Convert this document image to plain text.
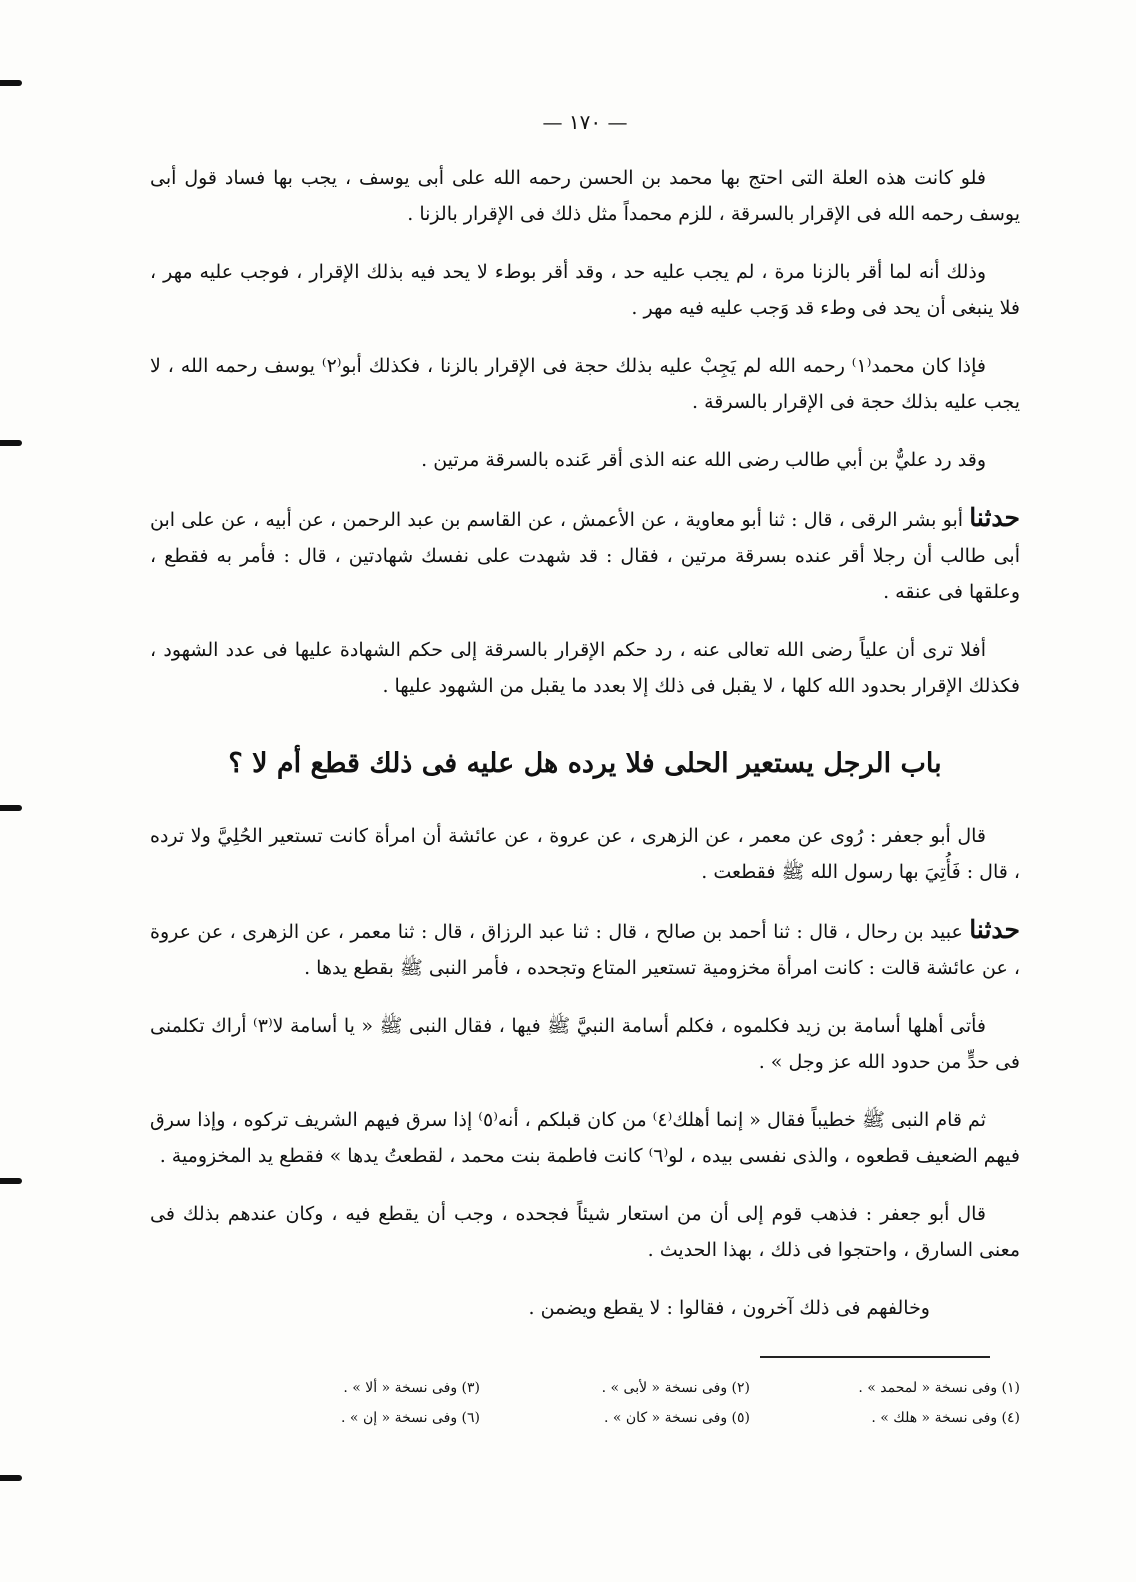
— ١٧٠ —

فلو كانت هذه العلة التى احتج بها محمد بن الحسن رحمه الله على أبى يوسف ، يجب بها فساد قول أبى يوسف رحمه الله فى الإقرار بالسرقة ، للزم محمداً مثل ذلك فى الإقرار بالزنا .

وذلك أنه لما أقر بالزنا مرة ، لم يجب عليه حد ، وقد أقر بوطء لا يحد فيه بذلك الإقرار ، فوجب عليه مهر ، فلا ينبغى أن يحد فى وطء قد وَجب عليه فيه مهر .

فإذا كان محمد⁽١⁾ رحمه الله لم يَجِبْ عليه بذلك حجة فى الإقرار بالزنا ، فكذلك أبو⁽٢⁾ يوسف رحمه الله ، لا يجب عليه بذلك حجة فى الإقرار بالسرقة .

وقد رد عليٌّ بن أبي طالب رضى الله عنه الذى أقر عَنده بالسرقة مرتين .

حدثنا أبو بشر الرقى ، قال : ثنا أبو معاوية ، عن الأعمش ، عن القاسم بن عبد الرحمن ، عن أبيه ، عن على ابن أبى طالب أن رجلا أقر عنده بسرقة مرتين ، فقال : قد شهدت على نفسك شهادتين ، قال : فأمر به فقطع ، وعلقها فى عنقه .

أفلا ترى أن علياً رضى الله تعالى عنه ، رد حكم الإقرار بالسرقة إلى حكم الشهادة عليها فى عدد الشهود ، فكذلك الإقرار بحدود الله كلها ، لا يقبل فى ذلك إلا بعدد ما يقبل من الشهود عليها .

باب الرجل يستعير الحلى فلا يرده هل عليه فى ذلك قطع أم لا ؟

قال أبو جعفر : رُوى عن معمر ، عن الزهرى ، عن عروة ، عن عائشة أن امرأة كانت تستعير الحُلِيَّ ولا ترده ، قال : فَأُتِيَ بها رسول الله ﷺ فقطعت .

حدثنا عبيد بن رحال ، قال : ثنا أحمد بن صالح ، قال : ثنا عبد الرزاق ، قال : ثنا معمر ، عن الزهرى ، عن عروة ، عن عائشة قالت : كانت امرأة مخزومية تستعير المتاع وتجحده ، فأمر النبى ﷺ بقطع يدها .

فأتى أهلها أسامة بن زيد فكلموه ، فكلم أسامة النبيَّ ﷺ فيها ، فقال النبى ﷺ « يا أسامة لا⁽٣⁾ أراك تكلمنى فى حدٍّ من حدود الله عز وجل » .

ثم قام النبى ﷺ خطيباً فقال « إنما أهلك⁽٤⁾ من كان قبلكم ، أنه⁽٥⁾ إذا سرق فيهم الشريف تركوه ، وإذا سرق فيهم الضعيف قطعوه ، والذى نفسى بيده ، لو⁽٦⁾ كانت فاطمة بنت محمد ، لقطعتُ يدها » فقطع يد المخزومية .

قال أبو جعفر : فذهب قوم إلى أن من استعار شيئاً فجحده ، وجب أن يقطع فيه ، وكان عندهم بذلك فى معنى السارق ، واحتجوا فى ذلك ، بهذا الحديث .

وخالفهم فى ذلك آخرون ، فقالوا : لا يقطع ويضمن .

(١) وفى نسخة « لمحمد » .
(٢) وفى نسخة « لأبى » .
(٣) وفى نسخة « ألا » .
(٤) وفى نسخة « هلك » .
(٥) وفى نسخة « كان » .
(٦) وفى نسخة « إن » .
